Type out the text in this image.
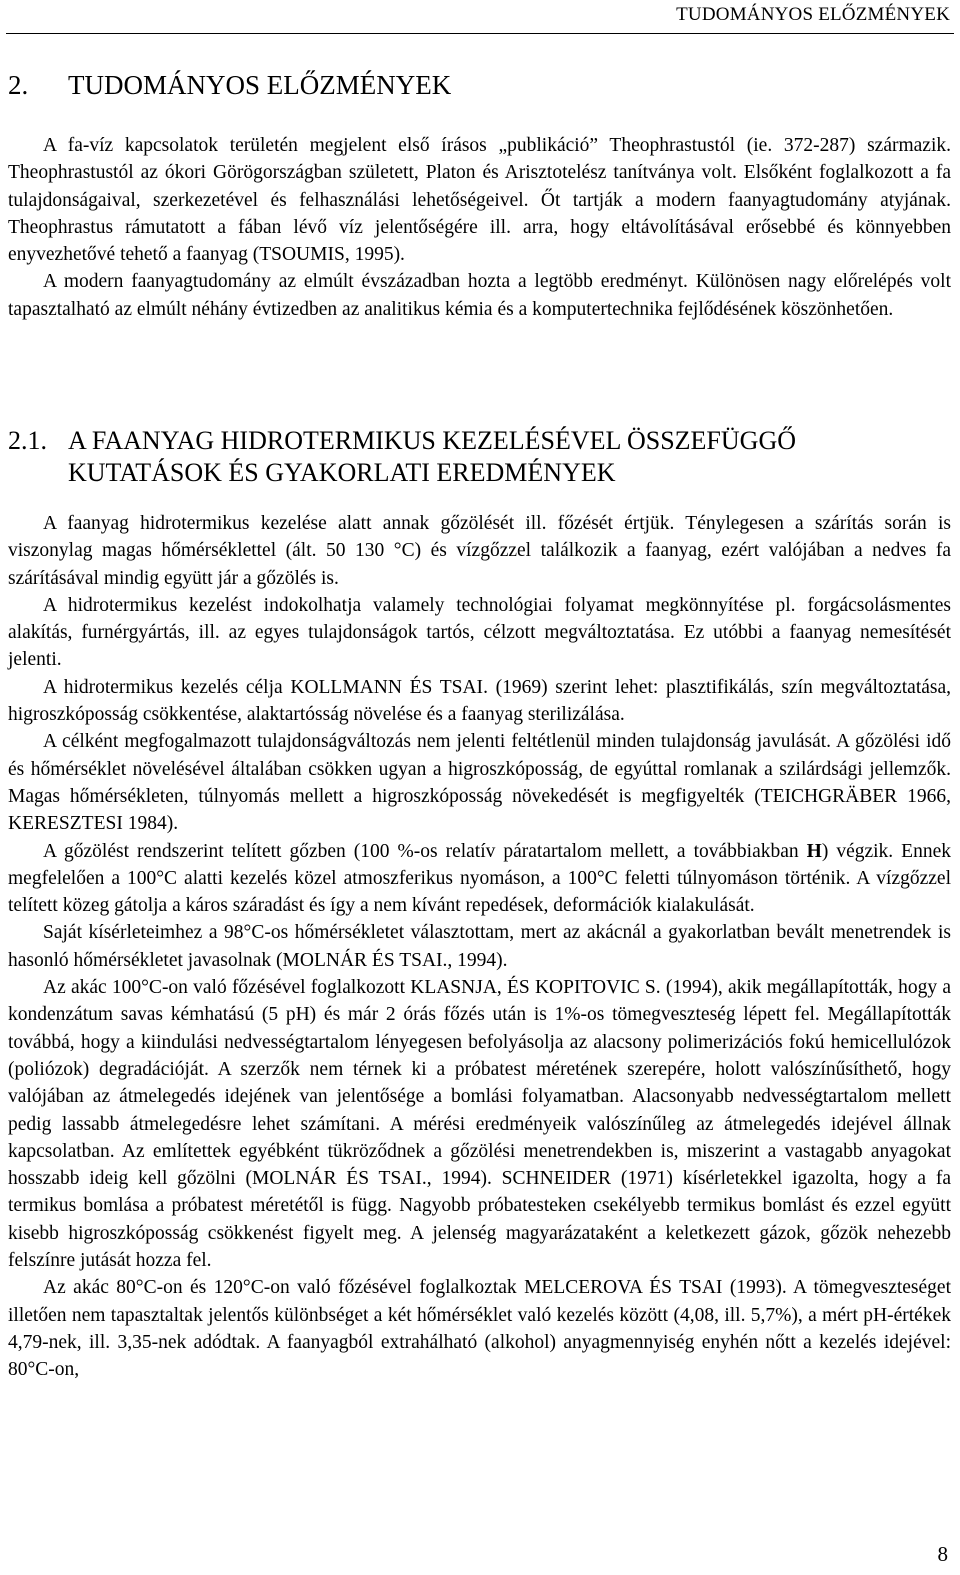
TUDOMÁNYOS ELŐZMÉNYEK
2. TUDOMÁNYOS ELŐZMÉNYEK

A fa-víz kapcsolatok területén megjelent első írásos „publikáció” Theophrastustól (ie. 372-287) származik. Theophrastustól az ókori Görögországban született, Platon és Arisztotelész tanítványa volt. Elsőként foglalkozott a fa tulajdonságaival, szerkezetével és felhasználási lehetőségeivel. Őt tartják a modern faanyagtudomány atyjának. Theophrastus rámutatott a fában lévő víz jelentőségére ill. arra, hogy eltávolításával erősebbé és könnyebben enyvezhetővé tehető a faanyag (TSOUMIS, 1995).

A modern faanyagtudomány az elmúlt évszázadban hozta a legtöbb eredményt. Különösen nagy előrelépés volt tapasztalható az elmúlt néhány évtizedben az analitikus kémia és a komputertechnika fejlődésének köszönhetően.

2.1. A FAANYAG HIDROTERMIKUS KEZELÉSÉVEL ÖSSZEFÜGGŐ KUTATÁSOK ÉS GYAKORLATI EREDMÉNYEK

A faanyag hidrotermikus kezelése alatt annak gőzölését ill. főzését értjük. Ténylegesen a szárítás során is viszonylag magas hőmérséklettel (ált. 50 130 °C) és vízgőzzel találkozik a faanyag, ezért valójában a nedves fa szárításával mindig együtt jár a gőzölés is.

A hidrotermikus kezelést indokolhatja valamely technológiai folyamat megkönnyítése pl. forgácsolásmentes alakítás, furnérgyártás, ill. az egyes tulajdonságok tartós, célzott megváltoztatása. Ez utóbbi a faanyag nemesítését jelenti.

A hidrotermikus kezelés célja KOLLMANN ÉS TSAI. (1969) szerint lehet: plasztifikálás, szín megváltoztatása, higroszkóposság csökkentése, alaktartósság növelése és a faanyag sterilizálása.

A célként megfogalmazott tulajdonságváltozás nem jelenti feltétlenül minden tulajdonság javulását. A gőzölési idő és hőmérséklet növelésével általában csökken ugyan a higroszkóposság, de egyúttal romlanak a szilárdsági jellemzők. Magas hőmérsékleten, túlnyomás mellett a higroszkóposság növekedését is megfigyelték (TEICHGRÄBER 1966, KERESZTESI 1984).

A gőzölést rendszerint telített gőzben (100 %-os relatív páratartalom mellett, a továbbiakban H) végzik. Ennek megfelelően a 100°C alatti kezelés közel atmoszferikus nyomáson, a 100°C feletti túlnyomáson történik. A vízgőzzel telített közeg gátolja a káros száradást és így a nem kívánt repedések, deformációk kialakulását.

Saját kísérleteimhez a 98°C-os hőmérsékletet választottam, mert az akácnál a gyakorlatban bevált menetrendek is hasonló hőmérsékletet javasolnak (MOLNÁR ÉS TSAI., 1994).

Az akác 100°C-on való főzésével foglalkozott KLASNJA, ÉS KOPITOVIC S. (1994), akik megállapították, hogy a kondenzátum savas kémhatású (5 pH) és már 2 órás főzés után is 1%-os tömegveszteség lépett fel. Megállapították továbbá, hogy a kiindulási nedvességtartalom lényegesen befolyásolja az alacsony polimerizációs fokú hemicellulózok (poliózok) degradációját. A szerzők nem térnek ki a próbatest méretének szerepére, holott valószínűsíthető, hogy valójában az átmelegedés idejének van jelentősége a bomlási folyamatban. Alacsonyabb nedvességtartalom mellett pedig lassabb átmelegedésre lehet számítani. A mérési eredményeik valószínűleg az átmelegedés idejével állnak kapcsolatban. Az említettek egyébként tükröződnek a gőzölési menetrendekben is, miszerint a vastagabb anyagokat hosszabb ideig kell gőzölni (MOLNÁR ÉS TSAI., 1994). SCHNEIDER (1971) kísérletekkel igazolta, hogy a fa termikus bomlása a próbatest méretétől is függ. Nagyobb próbatesteken csekélyebb termikus bomlást és ezzel együtt kisebb higroszkóposság csökkenést figyelt meg. A jelenség magyarázataként a keletkezett gázok, gőzök nehezebb felszínre jutását hozza fel.

Az akác 80°C-on és 120°C-on való főzésével foglalkoztak MELCEROVA ÉS TSAI (1993). A tömegveszteséget illetően nem tapasztaltak jelentős különbséget a két hőmérséklet való kezelés között (4,08, ill. 5,7%), a mért pH-értékek 4,79-nek, ill. 3,35-nek adódtak. A faanyagból extrahálható (alkohol) anyagmennyiség enyhén nőtt a kezelés idejével: 80°C-on,

8
